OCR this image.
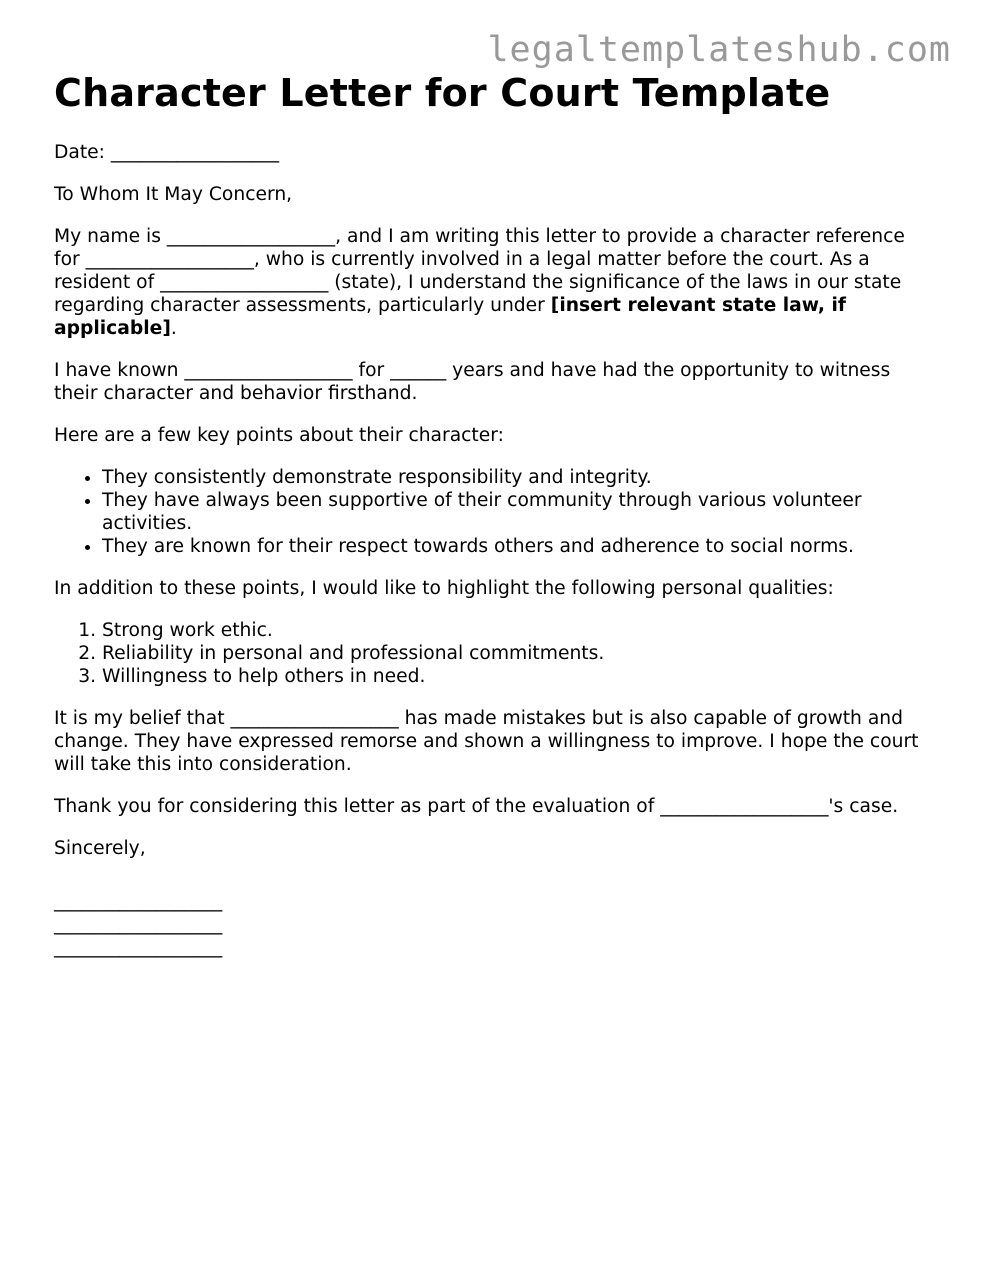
legaltemplateshub.com
Character Letter for Court Template

Date: __________________

To Whom It May Concern,

My name is __________________, and I am writing this letter to provide a character reference for __________________, who is currently involved in a legal matter before the court. As a resident of __________________ (state), I understand the significance of the laws in our state regarding character assessments, particularly under [insert relevant state law, if applicable].

I have known __________________ for ______ years and have had the opportunity to witness their character and behavior firsthand.

Here are a few key points about their character:

• They consistently demonstrate responsibility and integrity.
• They have always been supportive of their community through various volunteer activities.
• They are known for their respect towards others and adherence to social norms.

In addition to these points, I would like to highlight the following personal qualities:

1. Strong work ethic.
2. Reliability in personal and professional commitments.
3. Willingness to help others in need.

It is my belief that __________________ has made mistakes but is also capable of growth and change. They have expressed remorse and shown a willingness to improve. I hope the court will take this into consideration.

Thank you for considering this letter as part of the evaluation of __________________'s case.

Sincerely,

__________________
__________________
__________________
